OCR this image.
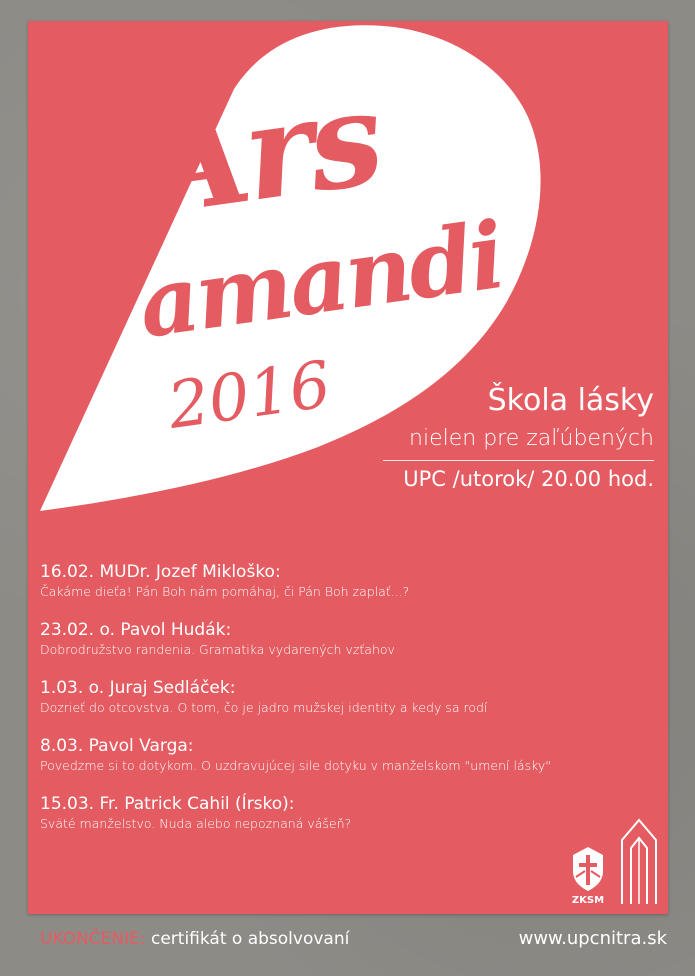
Ars
amandi
2016	Škola lásky
nielen pre zaľúbených
UPC /utorok/ 20.00 hod.
16.02. MUDr. Jozef Mikloško:
Čakáme dieťa! Pán Boh nám pomáhaj, či Pán Boh zaplať...?
23.02. o. Pavol Hudák:
Dobrodružstvo randenia. Gramatika vydarených vzťahov
1.03. o. Juraj Sedláček:
Dozrieť do otcovstva. O tom, čo je jadro mužskej identity a kedy sa rodí
8.03. Pavol Varga:
Povedzme si to dotykom. O uzdravujúcej sile dotyku v manželskom "umení lásky"
15.03. Fr. Patrick Cahil (Írsko):
Sväté manželstvo. Nuda alebo nepoznaná vášeň?
ZKSM
UKONČENIE: certifikát o absolvovaní	www.upcnitra.sk
